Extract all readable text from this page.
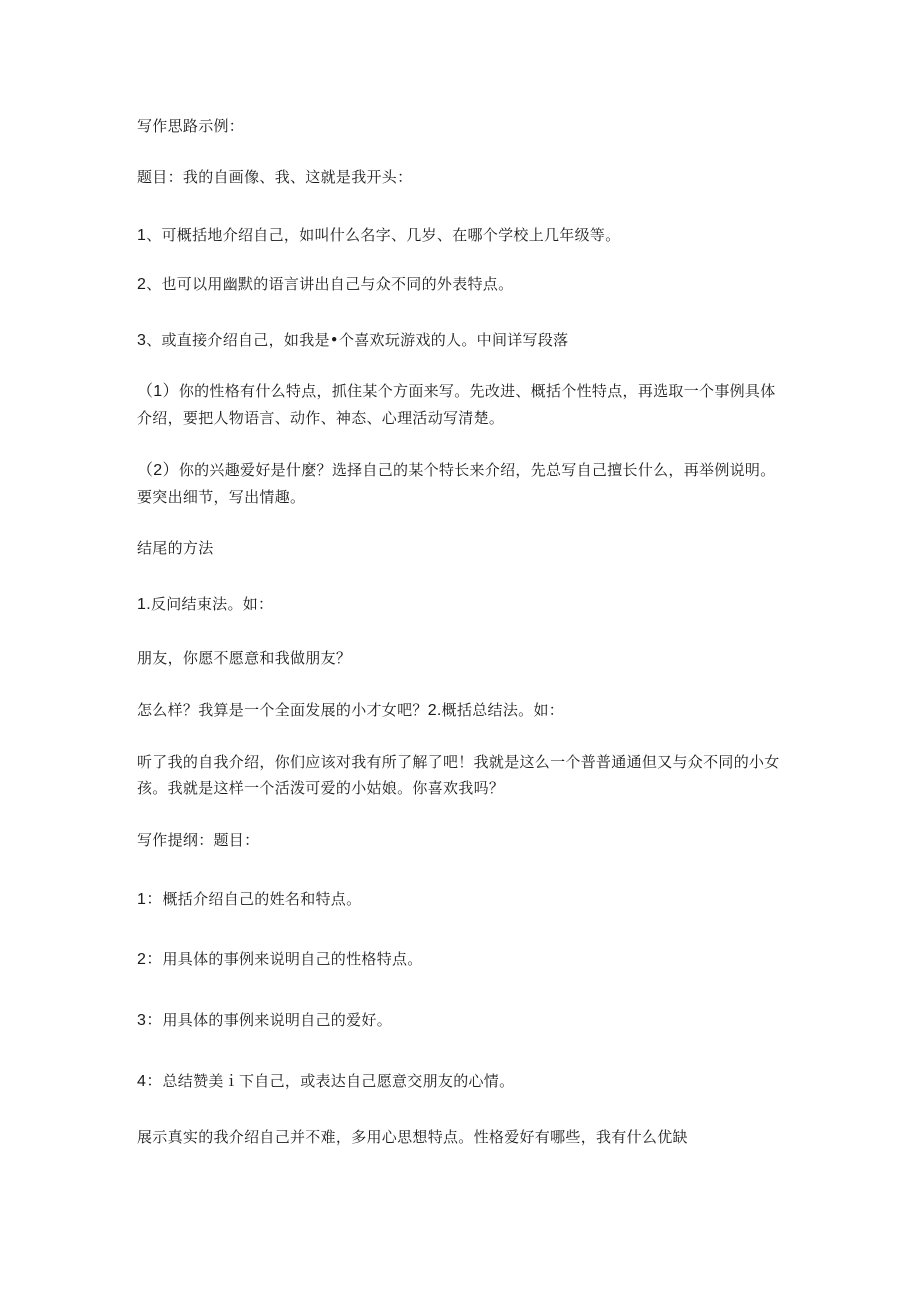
写作思路示例：
题目：我的自画像、我、这就是我开头：
1、可概括地介绍自己，如叫什么名字、几岁、在哪个学校上几年级等。
2、也可以用幽默的语言讲出自己与众不同的外表特点。
3、或直接介绍自己，如我是•个喜欢玩游戏的人。中间详写段落
（1）你的性格有什么特点，抓住某个方面来写。先改进、概括个性特点，再选取一个事例具体介绍，要把人物语言、动作、神态、心理活动写清楚。
（2）你的兴趣爱好是什麼？选择自己的某个特长来介绍，先总写自己擅长什么，再举例说明。要突出细节，写出情趣。
结尾的方法
1.反问结束法。如：
朋友，你愿不愿意和我做朋友？
怎么样？我算是一个全面发展的小才女吧？2.概括总结法。如：
听了我的自我介绍，你们应该对我有所了解了吧！我就是这么一个普普通通但又与众不同的小女孩。我就是这样一个活泼可爱的小姑娘。你喜欢我吗？
写作提纲：题目：
1：概括介绍自己的姓名和特点。
2：用具体的事例来说明自己的性格特点。
3：用具体的事例来说明自己的爱好。
4：总结赞美ｉ下自己，或表达自己愿意交朋友的心情。
展示真实的我介绍自己并不难，多用心思想特点。性格爱好有哪些，我有什么优缺
